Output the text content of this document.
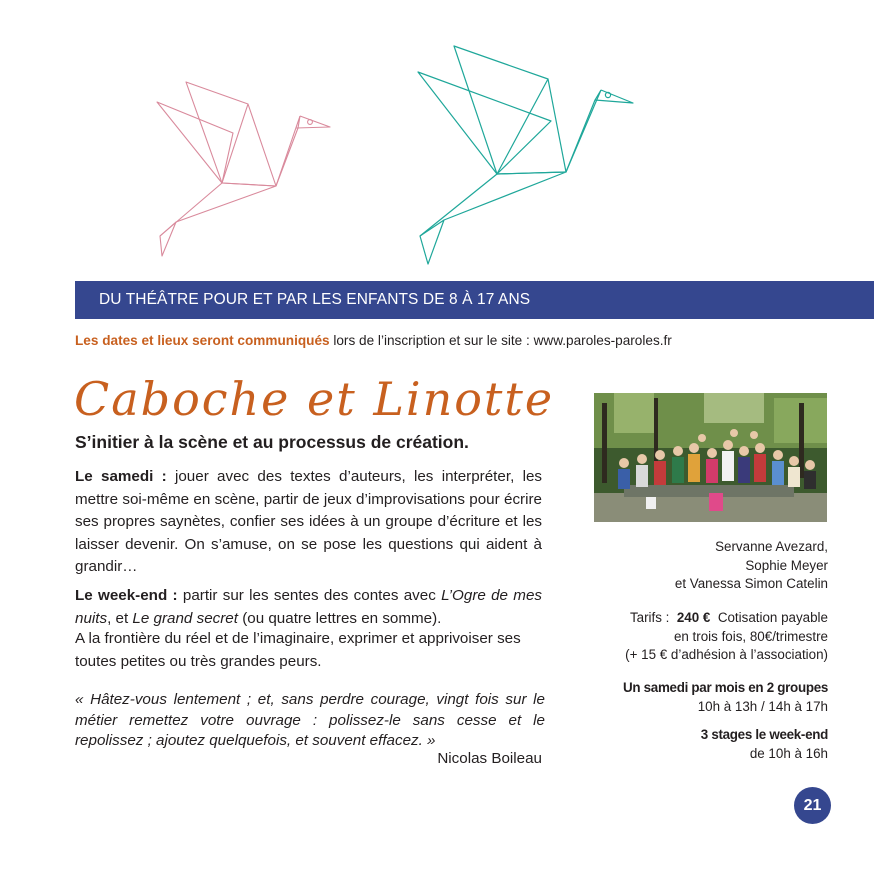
DU THÉÂTRE POUR ET PAR LES ENFANTS DE 8 À 17 ANS
Les dates et lieux seront communiqués lors de l’inscription et sur le site : www.paroles-paroles.fr
Caboche et Linotte
S’initier à la scène et au processus de création.

Le samedi : jouer avec des textes d’auteurs, les interpréter, les mettre soi-même en scène, partir de jeux d’improvisations pour écrire ses propres saynètes, confier ses idées à un groupe d’écriture et les laisser devenir. On s’amuse, on se pose les questions qui aident à grandir…

Le week-end : partir sur les sentes des contes avec L’Ogre de mes nuits, et Le grand secret (ou quatre lettres en somme).

A la frontière du réel et de l’imaginaire, exprimer et apprivoiser ses toutes petites ou très grandes peurs.

« Hâtez-vous lentement ; et, sans perdre courage, vingt fois sur le métier remettez votre ouvrage : polissez-le sans cesse et le repolissez ; ajoutez quelquefois, et souvent effacez. »

Nicolas Boileau
Servanne Avezard,
Sophie Meyer
et Vanessa Simon Catelin
Tarifs : 240 € Cotisation payable
en trois fois, 80€/trimestre
(+ 15 € d’adhésion à l’association)
Un samedi par mois en 2 groupes
10h à 13h / 14h à 17h
3 stages le week-end
de 10h à 16h
21
